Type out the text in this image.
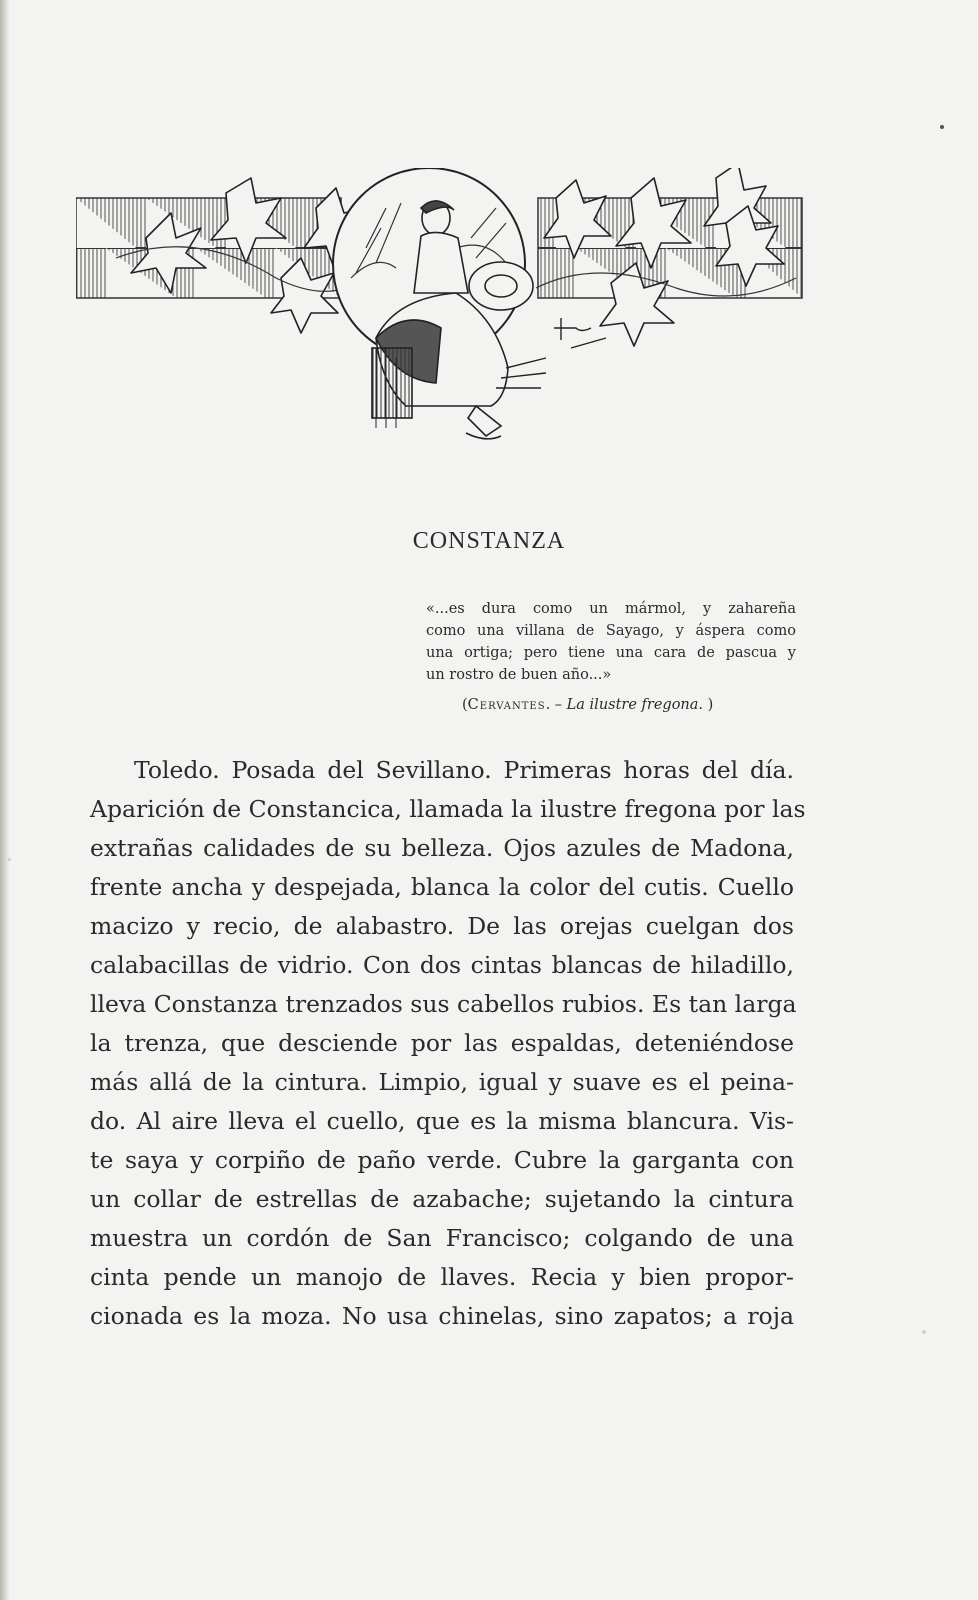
CONSTANZA

«...es dura como un mármol, y zahareña

como una villana de Sayago, y áspera como

una ortiga; pero tiene una cara de pascua y

un rostro de buen año...»

(Cervantes. – La ilustre fregona. )

Toledo. Posada del Sevillano. Primeras horas del día.

Aparición de Constancica, llamada la ilustre fregona por las

extrañas calidades de su belleza. Ojos azules de Madona,

frente ancha y despejada, blanca la color del cutis. Cuello

macizo y recio, de alabastro. De las orejas cuelgan dos

calabacillas de vidrio. Con dos cintas blancas de hiladillo,

lleva Constanza trenzados sus cabellos rubios. Es tan larga

la trenza, que desciende por las espaldas, deteniéndose

más allá de la cintura. Limpio, igual y suave es el peina-

do. Al aire lleva el cuello, que es la misma blancura. Vis-

te saya y corpiño de paño verde. Cubre la garganta con

un collar de estrellas de azabache; sujetando la cintura

muestra un cordón de San Francisco; colgando de una

cinta pende un manojo de llaves. Recia y bien propor-

cionada es la moza. No usa chinelas, sino zapatos; a roja
